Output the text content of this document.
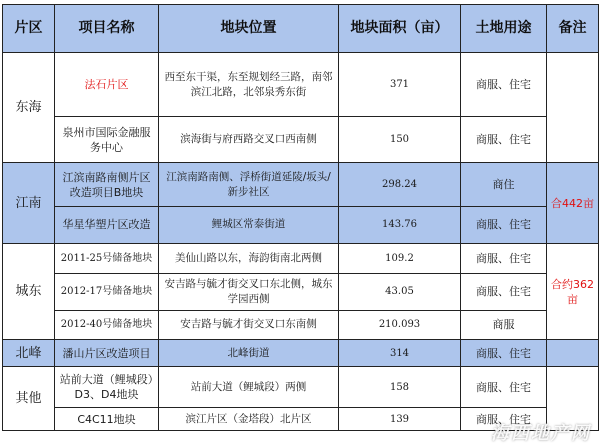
片区	项目名称	地块位置	地块面积（亩）	土地用途	备注
东海	法石片区	西至东干渠，东至规划经三路，南邻滨江北路，北邻泉秀东街	371	商服、住宅	
	泉州市国际金融服务中心	滨海街与府西路交叉口西南侧	150	商服、住宅	
江南	江滨南路南侧片区改造项目B地块	江滨南路南侧、浮桥街道延陵/坂头/新步社区	298.24	商住	合442亩
	华星华塑片区改造	鲤城区常泰街道	143.76	商服、住宅	
城东	2011-25号储备地块	美仙山路以东，海韵街南北两侧	109.2	商服、住宅	合约362亩
	2012-17号储备地块	安吉路与毓才街交叉口东北侧，城东学园西侧	43.05	商服、住宅	
	2012-40号储备地块	安吉路与毓才街交叉口东南侧	210.093	商服	
北峰	潘山片区改造项目	北峰街道	314	商服、住宅	
其他	站前大道（鲤城段）D3、D4地块	站前大道（鲤城段）两侧	158	商服、住宅	
	C4C11地块	滨江片区（金塔段）北片区	139	商服、住宅	
海西地产网
